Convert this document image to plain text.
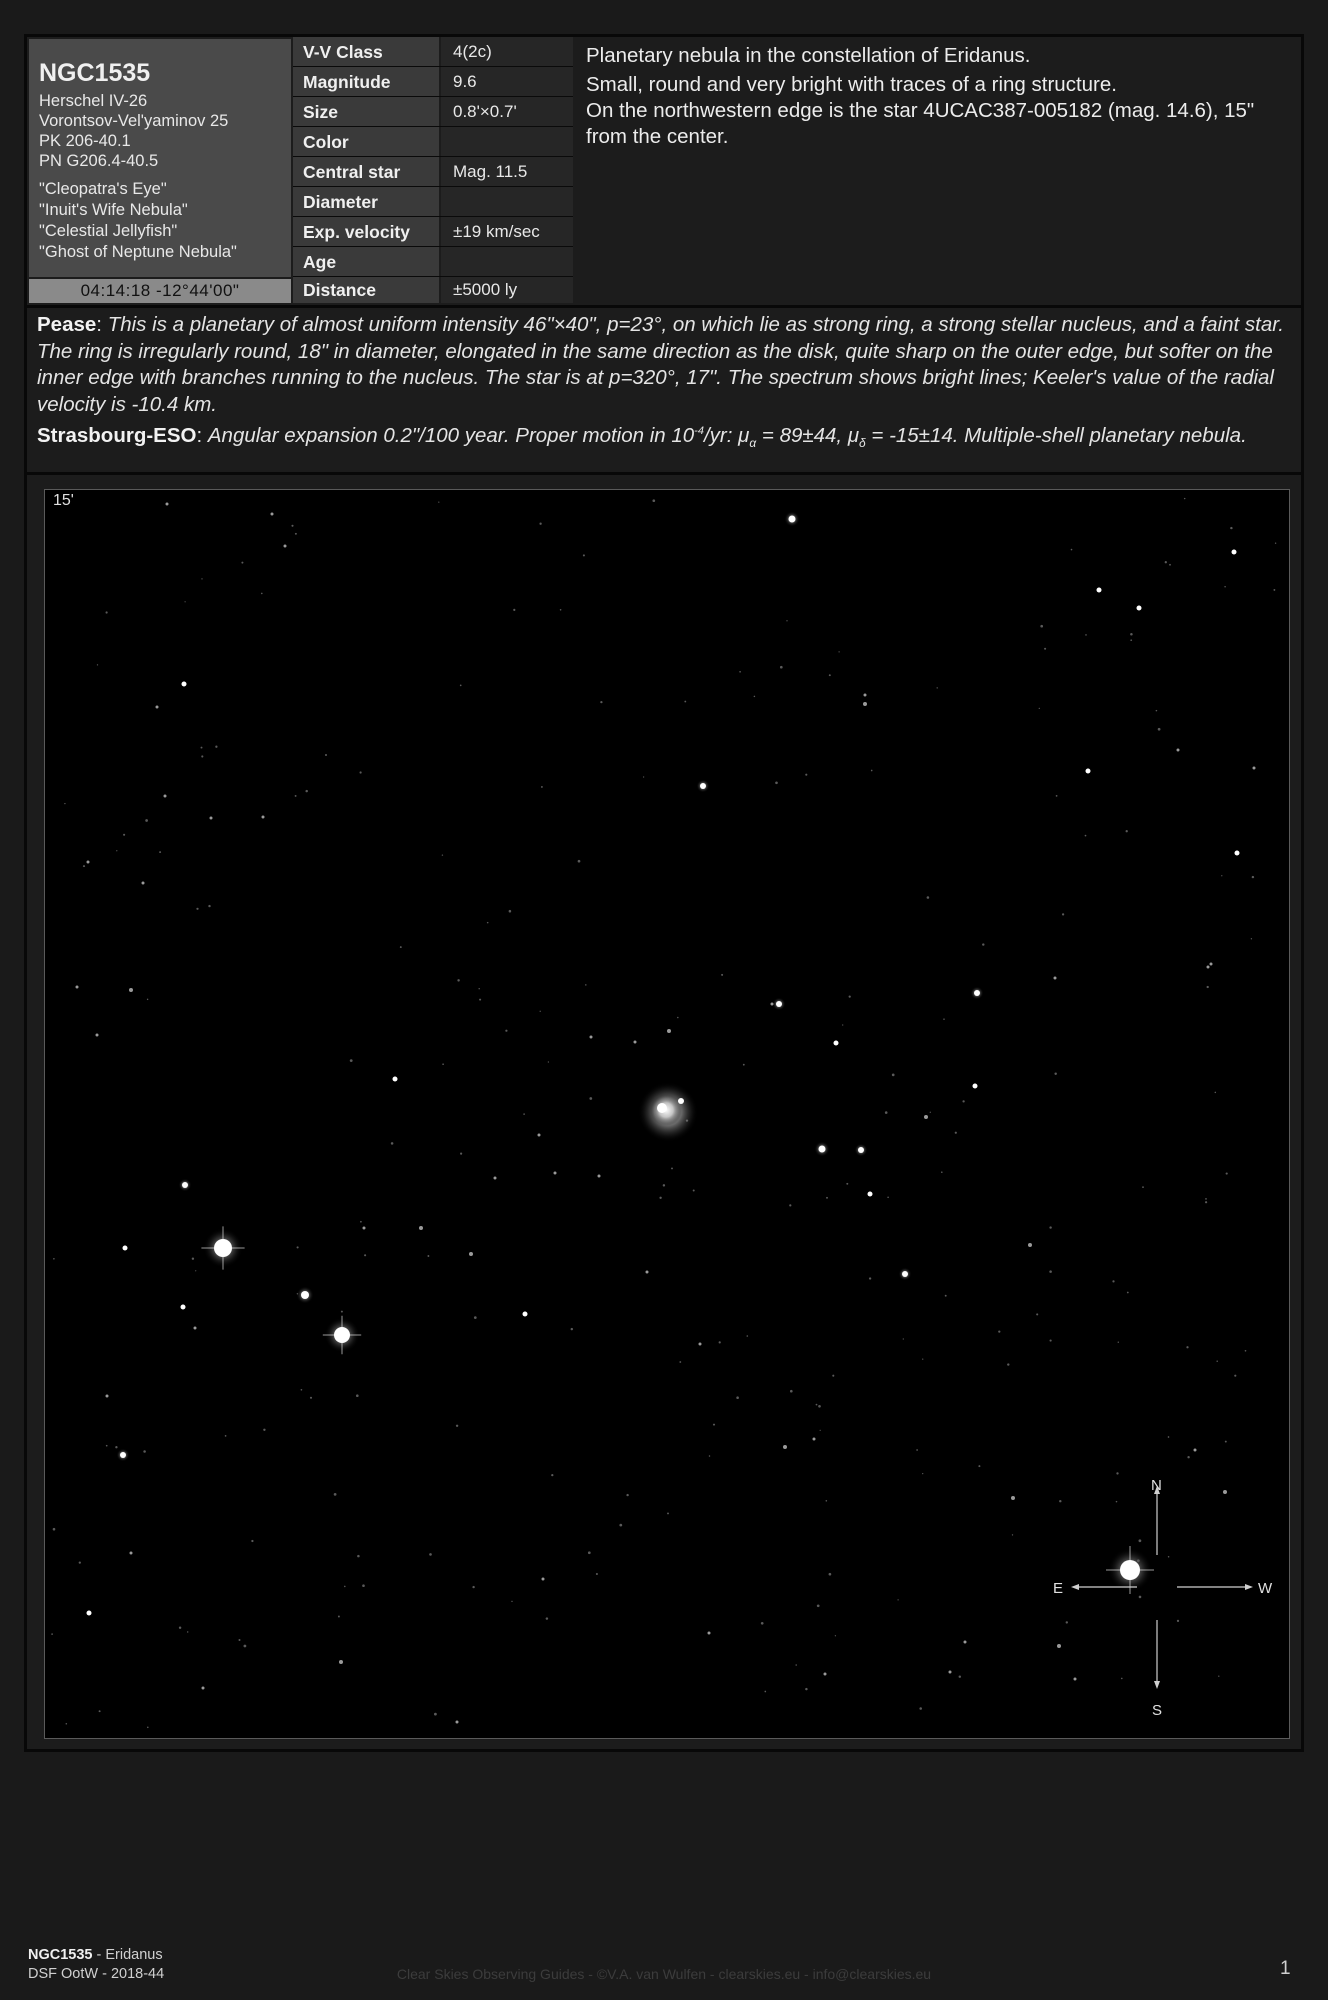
NGC1535
Herschel IV-26
Vorontsov-Vel'yaminov 25
PK 206-40.1
PN G206.4-40.5
"Cleopatra's Eye"
"Inuit's Wife Nebula"
"Celestial Jellyfish"
"Ghost of Neptune Nebula"
04:14:18 -12°44'00"
V-V Class	4(2c)
Magnitude	9.6
Size	0.8'×0.7'
Color
Central star	Mag. 11.5
Diameter
Exp. velocity	±19 km/sec
Age
Distance	±5000 ly

Planetary nebula in the constellation of Eridanus.

Small, round and very bright with traces of a ring structure.

On the northwestern edge is the star 4UCAC387-005182 (mag. 14.6), 15" from the center.

Pease: This is a planetary of almost uniform intensity 46"×40", p=23°, on which lie as strong ring, a strong stellar nucleus, and a faint star. The ring is irregularly round, 18" in diameter, elongated in the same direction as the disk, quite sharp on the outer edge, but softer on the inner edge with branches running to the nucleus. The star is at p=320°, 17". The spectrum shows bright lines; Keeler's value of the radial velocity is -10.4 km.
Strasbourg-ESO: Angular expansion 0.2"/100 year. Proper motion in $10^{-4}/yr$: $\mu_\alpha = 89\pm 44$, $\mu_\delta = -15\pm 14$. Multiple-shell planetary nebula.
N
S
E	W
15'
NGC1535 - Eridanus
DSF OotW - 2018-44	Clear Skies Observing Guides - ©V.A. van Wulfen - clearskies.eu - info@clearskies.eu	1
